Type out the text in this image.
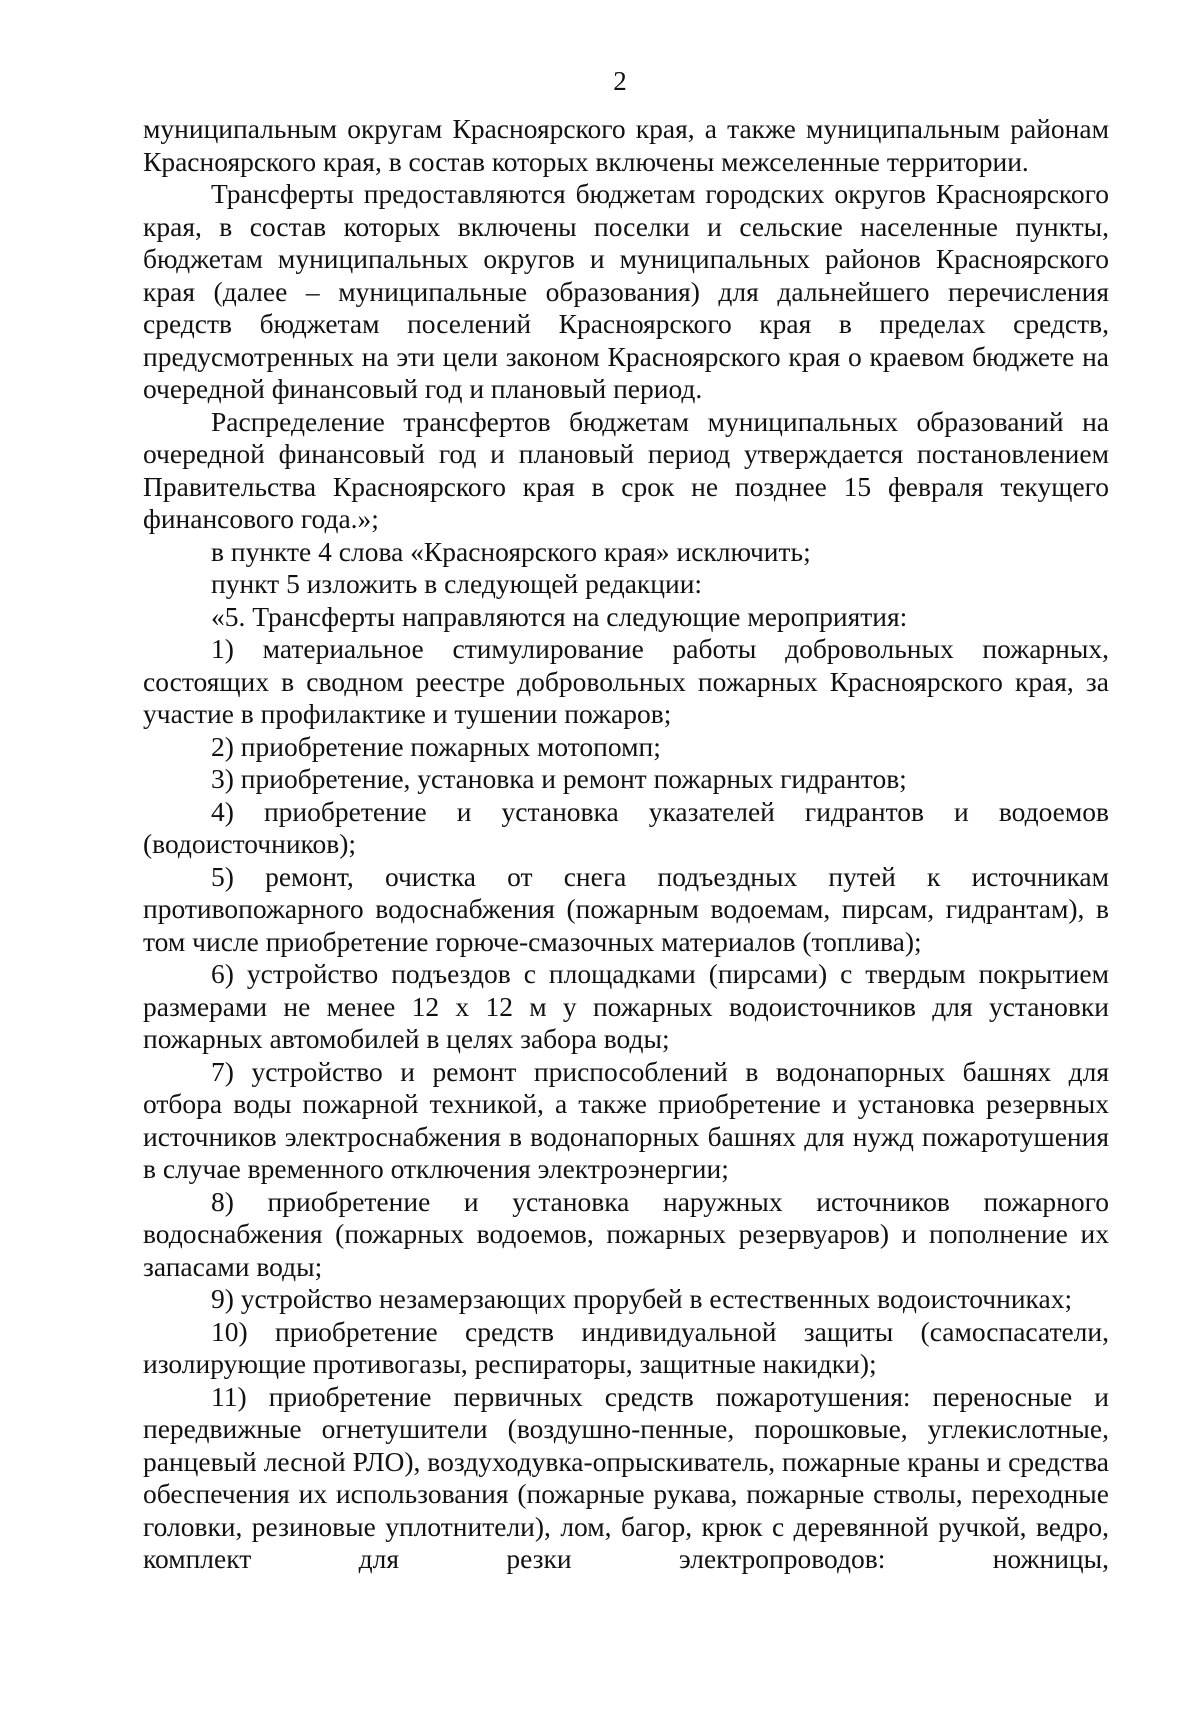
2

муниципальным округам Красноярского края, а также муниципальным районам Красноярского края, в состав которых включены межселенные территории.

Трансферты предоставляются бюджетам городских округов Красноярского края, в состав которых включены поселки и сельские населенные пункты, бюджетам муниципальных округов и муниципальных районов Красноярского края (далее – муниципальные образования) для дальнейшего перечисления средств бюджетам поселений Красноярского края в пределах средств, предусмотренных на эти цели законом Красноярского края о краевом бюджете на очередной финансовый год и плановый период.

Распределение трансфертов бюджетам муниципальных образований на очередной финансовый год и плановый период утверждается постановлением Правительства Красноярского края в срок не позднее 15 февраля текущего финансового года.»;

в пункте 4 слова «Красноярского края» исключить;

пункт 5 изложить в следующей редакции:

«5. Трансферты направляются на следующие мероприятия:

1) материальное стимулирование работы добровольных пожарных, состоящих в сводном реестре добровольных пожарных Красноярского края, за участие в профилактике и тушении пожаров;

2) приобретение пожарных мотопомп;

3) приобретение, установка и ремонт пожарных гидрантов;

4) приобретение и установка указателей гидрантов и водоемов (водоисточников);

5) ремонт, очистка от снега подъездных путей к источникам противопожарного водоснабжения (пожарным водоемам, пирсам, гидрантам), в том числе приобретение горюче-смазочных материалов (топлива);

6) устройство подъездов с площадками (пирсами) с твердым покрытием размерами не менее 12 х 12 м у пожарных водоисточников для установки пожарных автомобилей в целях забора воды;

7) устройство и ремонт приспособлений в водонапорных башнях для отбора воды пожарной техникой, а также приобретение и установка резервных источников электроснабжения в водонапорных башнях для нужд пожаротушения в случае временного отключения электроэнергии;

8) приобретение и установка наружных источников пожарного водоснабжения (пожарных водоемов, пожарных резервуаров) и пополнение их запасами воды;

9) устройство незамерзающих прорубей в естественных водоисточниках;

10) приобретение средств индивидуальной защиты (самоспасатели, изолирующие противогазы, респираторы, защитные накидки);

11) приобретение первичных средств пожаротушения: переносные и передвижные огнетушители (воздушно-пенные, порошковые, углекислотные, ранцевый лесной РЛО), воздуходувка-опрыскиватель, пожарные краны и средства обеспечения их использования (пожарные рукава, пожарные стволы, переходные головки, резиновые уплотнители), лом, багор, крюк с деревянной ручкой, ведро, комплект для резки электропроводов: ножницы,
